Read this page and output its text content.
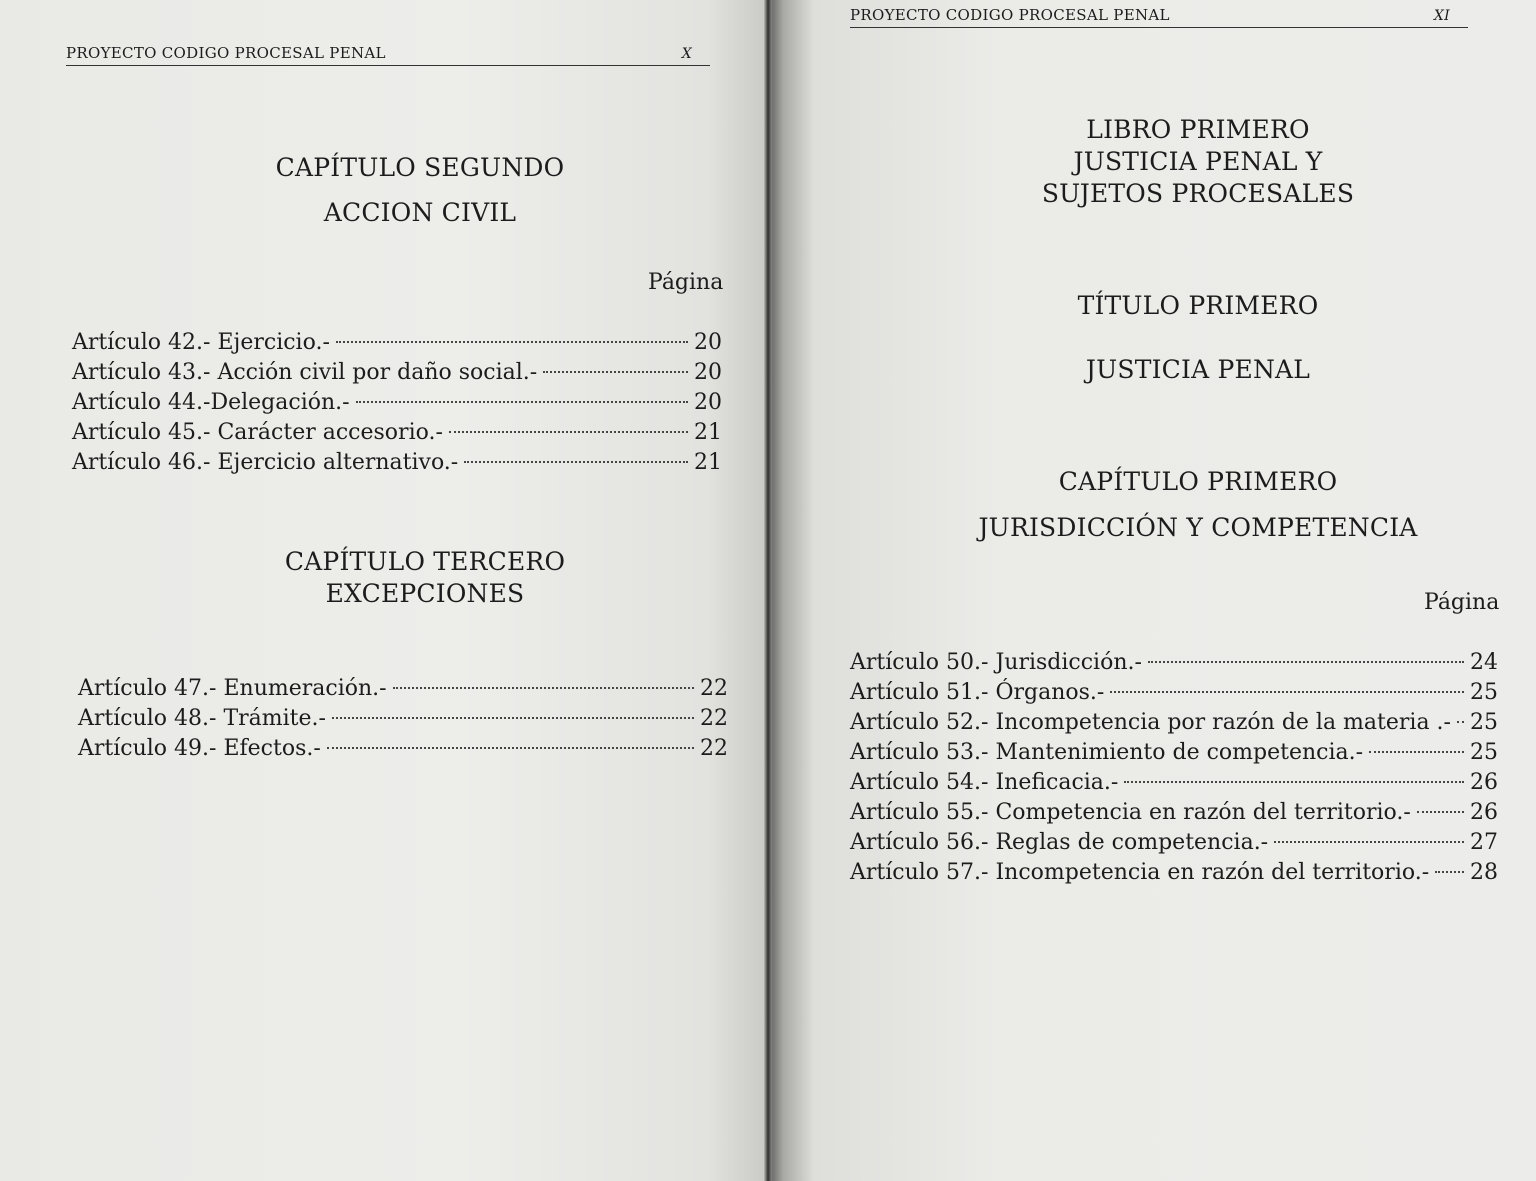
PROYECTO CODIGO PROCESAL PENAL	X
CAPÍTULO SEGUNDO
ACCION CIVIL
Página
Artículo 42.- Ejercicio.-	20
Artículo 43.- Acción civil por daño social.-	20
Artículo 44.-Delegación.-	20
Artículo 45.- Carácter accesorio.-	21
Artículo 46.- Ejercicio alternativo.-	21
CAPÍTULO TERCERO
EXCEPCIONES
Artículo 47.- Enumeración.-	22
Artículo 48.- Trámite.-	22
Artículo 49.- Efectos.-	22
PROYECTO CODIGO PROCESAL PENAL	XI
LIBRO PRIMERO
JUSTICIA PENAL Y
SUJETOS PROCESALES
TÍTULO PRIMERO
JUSTICIA PENAL
CAPÍTULO PRIMERO
JURISDICCIÓN Y COMPETENCIA
Página
Artículo 50.- Jurisdicción.-	24
Artículo 51.- Órganos.-	25
Artículo 52.- Incompetencia por razón de la materia .- 25
Artículo 53.- Mantenimiento de competencia.-	25
Artículo 54.- Ineficacia.-	26
Artículo 55.- Competencia en razón del territorio.-	26
Artículo 56.- Reglas de competencia.-	27
Artículo 57.- Incompetencia en razón del territorio.- 28
